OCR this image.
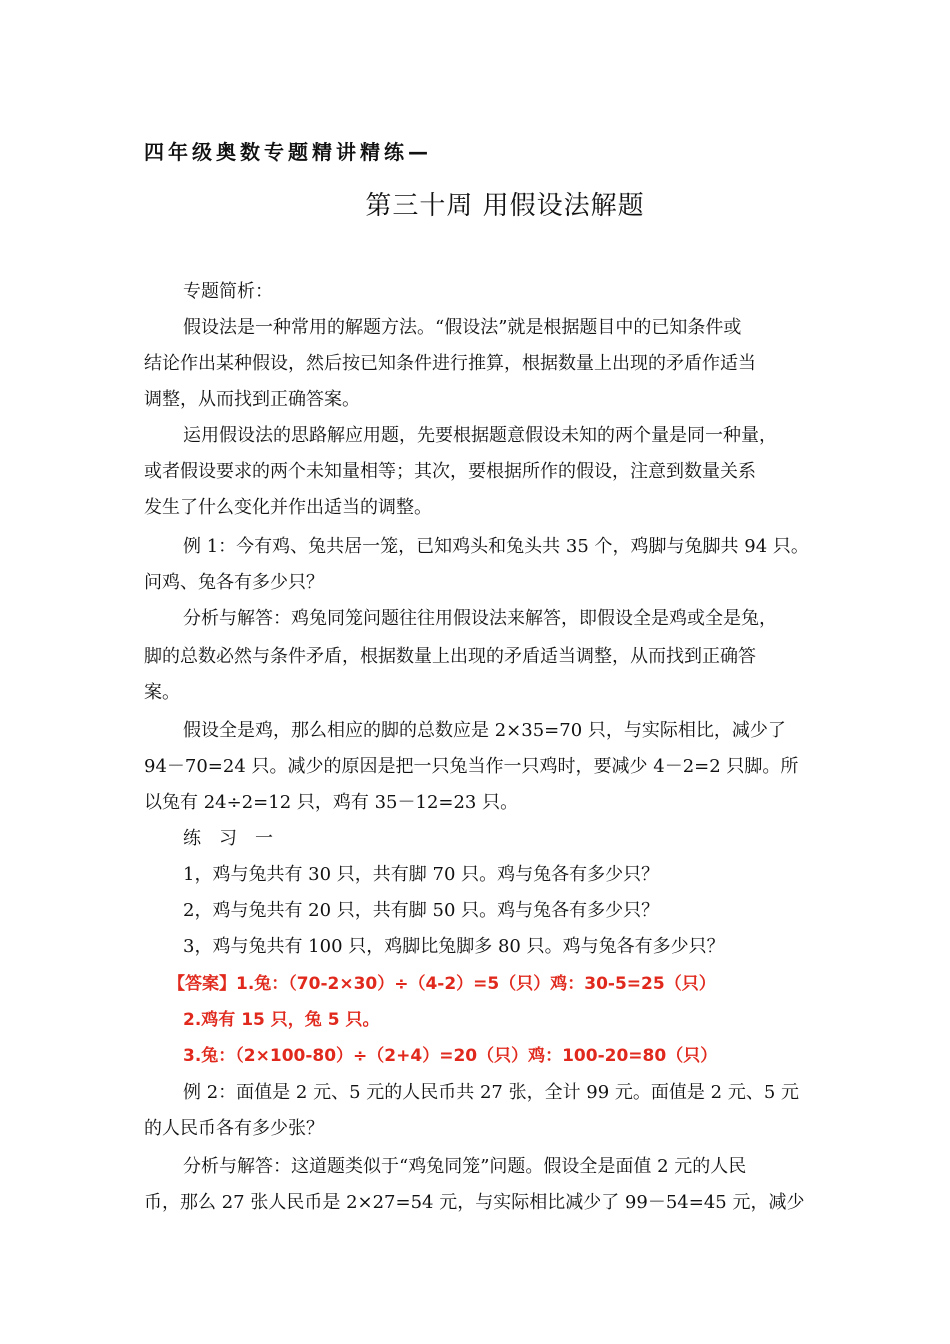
四年级奥数专题精讲精练—
第三十周 用假设法解题
专题简析：
假设法是一种常用的解题方法。“假设法”就是根据题目中的已知条件或
结论作出某种假设，然后按已知条件进行推算，根据数量上出现的矛盾作适当
调整，从而找到正确答案。
运用假设法的思路解应用题，先要根据题意假设未知的两个量是同一种量，
或者假设要求的两个未知量相等；其次，要根据所作的假设，注意到数量关系
发生了什么变化并作出适当的调整。
例 1：今有鸡、兔共居一笼，已知鸡头和兔头共 35 个，鸡脚与兔脚共 94 只。
问鸡、兔各有多少只？
分析与解答：鸡兔同笼问题往往用假设法来解答，即假设全是鸡或全是兔，
脚的总数必然与条件矛盾，根据数量上出现的矛盾适当调整，从而找到正确答
案。
假设全是鸡，那么相应的脚的总数应是 2×35=70 只，与实际相比，减少了
94－70=24 只。减少的原因是把一只兔当作一只鸡时，要减少 4－2=2 只脚。所
以兔有 24÷2=12 只，鸡有 35－12=23 只。
练　习　一
1，鸡与兔共有 30 只，共有脚 70 只。鸡与兔各有多少只？
2，鸡与兔共有 20 只，共有脚 50 只。鸡与兔各有多少只？
3，鸡与兔共有 100 只，鸡脚比兔脚多 80 只。鸡与兔各有多少只？
【答案】1.兔：（70-2×30）÷（4-2）=5（只）鸡：30-5=25（只）
2.鸡有 15 只，兔 5 只。
3.兔：（2×100-80）÷（2+4）=20（只）鸡：100-20=80（只）
例 2：面值是 2 元、5 元的人民币共 27 张，全计 99 元。面值是 2 元、5 元
的人民币各有多少张？
分析与解答：这道题类似于“鸡兔同笼”问题。假设全是面值 2 元的人民
币，那么 27 张人民币是 2×27=54 元，与实际相比减少了 99－54=45 元，减少
